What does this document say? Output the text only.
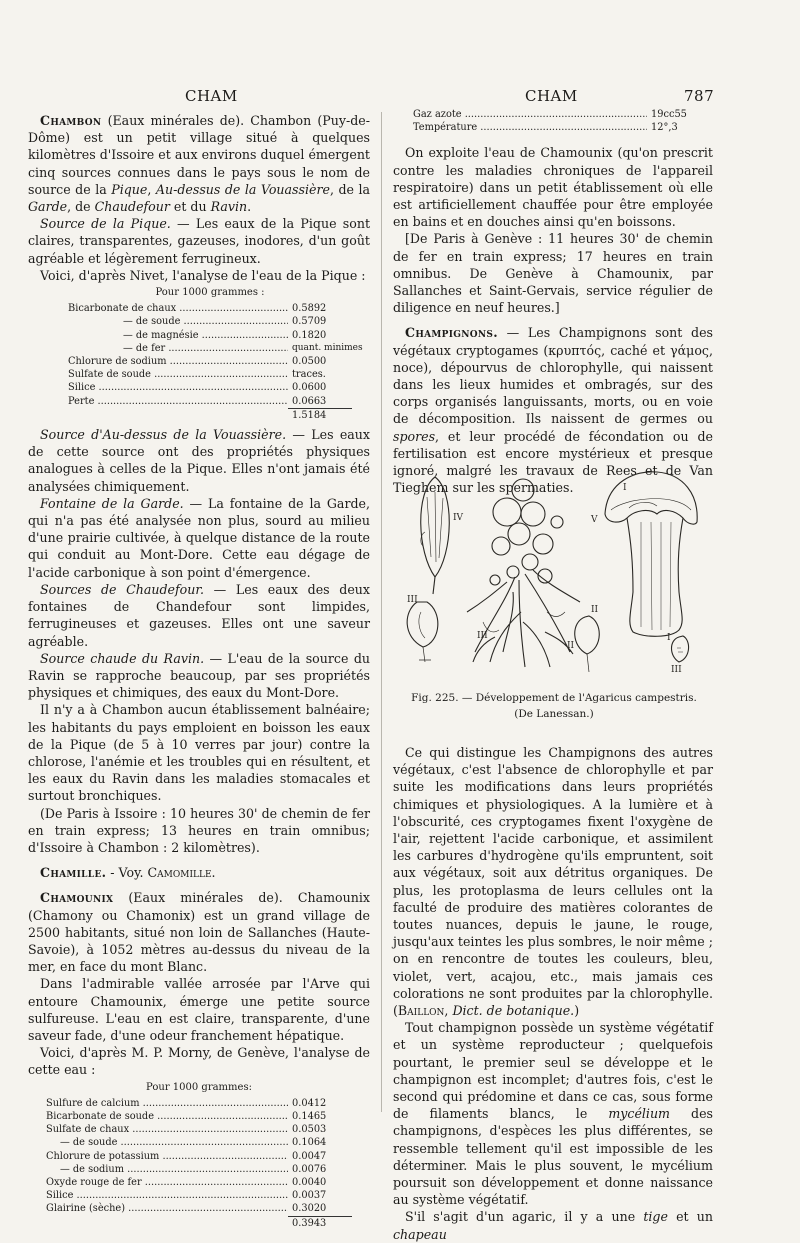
CHAM	CHAM	787

Chambon (Eaux minérales de). Chambon (Puy-de-Dôme) est un petit village situé à quelques kilomètres d'Issoire et aux environs duquel émergent cinq sources connues dans le pays sous le nom de source de la Pique, Au-dessus de la Vouassière, de la Garde, de Chaudefour et du Ravin.

Source de la Pique. — Les eaux de la Pique sont claires, transparentes, gazeuses, inodores, d'un goût agréable et légèrement ferrugineux.

Voici, d'après Nivet, l'analyse de l'eau de la Pique :

Pour 1000 grammes :
Bicarbonate de chaux .....	0.5892
— de soude .....	0.5709
— de magnésie .....	0.1820
— de fer .....	quant. minimes
Chlorure de sodium .....	0.0500
Sulfate de soude .....	traces.
Silice .....	0.0600
Perte .....	0.0663
1.5184

Source d'Au-dessus de la Vouassière. — Les eaux de cette source ont des propriétés physiques analogues à celles de la Pique. Elles n'ont jamais été analysées chimiquement.

Fontaine de la Garde. — La fontaine de la Garde, qui n'a pas été analysée non plus, sourd au milieu d'une prairie cultivée, à quelque distance de la route qui conduit au Mont-Dore. Cette eau dégage de l'acide carbonique à son point d'émergence.

Sources de Chaudefour. — Les eaux des deux fontaines de Chandefour sont limpides, ferrugineuses et gazeuses. Elles ont une saveur agréable.

Source chaude du Ravin. — L'eau de la source du Ravin se rapproche beaucoup, par ses propriétés physiques et chimiques, des eaux du Mont-Dore.

Il n'y a à Chambon aucun établissement balnéaire; les habitants du pays emploient en boisson les eaux de la Pique (de 5 à 10 verres par jour) contre la chlorose, l'anémie et les troubles qui en résultent, et les eaux du Ravin dans les maladies stomacales et surtout bronchiques.

(De Paris à Issoire : 10 heures 30' de chemin de fer en train express; 13 heures en train omnibus; d'Issoire à Chambon : 2 kilomètres).

Chamille. - Voy. Camomille.

Chamounix (Eaux minérales de). Chamounix (Chamony ou Chamonix) est un grand village de 2500 habitants, situé non loin de Sallanches (Haute-Savoie), à 1052 mètres au-dessus du niveau de la mer, en face du mont Blanc.

Dans l'admirable vallée arrosée par l'Arve qui entoure Chamounix, émerge une petite source sulfureuse. L'eau en est claire, transparente, d'une saveur fade, d'une odeur franchement hépatique.

Voici, d'après M. P. Morny, de Genève, l'analyse de cette eau :

Pour 1000 grammes:
Sulfure de calcium .....	0.0412
Bicarbonate de soude .....	0.1465
Sulfate de chaux .....	0.0503
— de soude .....	0.1064
Chlorure de potassium .....	0.0047
— de sodium .....	0.0076
Oxyde rouge de fer .....	0.0040
Silice .....	0.0037
Glairine (sèche) .....	0.3020
0.3943
Gaz azote .....	19cc55
Température .....	12°,3

On exploite l'eau de Chamounix (qu'on prescrit contre les maladies chroniques de l'appareil respiratoire) dans un petit établissement où elle est artificiellement chauffée pour être employée en bains et en douches ainsi qu'en boissons.

[De Paris à Genève : 11 heures 30' de chemin de fer en train express; 17 heures en train omnibus. De Genève à Chamounix, par Sallanches et Saint-Gervais, service régulier de diligence en neuf heures.]

Champignons. — Les Champignons sont des végétaux cryptogames (κρυπτός, caché et γάμος, noce), dépourvus de chlorophylle, qui naissent dans les lieux humides et ombragés, sur des corps organisés languissants, morts, ou en voie de décomposition. Ils naissent de germes ou spores, et leur procédé de fécondation ou de fertilisation est encore mystérieux et presque ignoré, malgré les travaux de Rees et de Van Tieghem sur les spermaties.

IV
III
II
III
II
V
I
I
III
Fig. 225. — Développement de l'Agaricus campestris.
(De Lanessan.)

Ce qui distingue les Champignons des autres végétaux, c'est l'absence de chlorophylle et par suite les modifications dans leurs propriétés chimiques et physiologiques. A la lumière et à l'obscurité, ces cryptogames fixent l'oxygène de l'air, rejettent l'acide carbonique, et assimilent les carbures d'hydrogène qu'ils empruntent, soit aux végétaux, soit aux détritus organiques. De plus, les protoplasma de leurs cellules ont la faculté de produire des matières colorantes de toutes nuances, depuis le jaune, le rouge, jusqu'aux teintes les plus sombres, le noir même ; on en rencontre de toutes les couleurs, bleu, violet, vert, acajou, etc., mais jamais ces colorations ne sont produites par la chlorophylle. (Baillon, Dict. de botanique.)

Tout champignon possède un système végétatif et un système reproducteur ; quelquefois pourtant, le premier seul se développe et le champignon est incomplet; d'autres fois, c'est le second qui prédomine et dans ce cas, sous forme de filaments blancs, le mycélium des champignons, d'espèces les plus différentes, se ressemble tellement qu'il est impossible de les déterminer. Mais le plus souvent, le mycélium poursuit son développement et donne naissance au système végétatif.

S'il s'agit d'un agaric, il y a une tige et un chapeau
